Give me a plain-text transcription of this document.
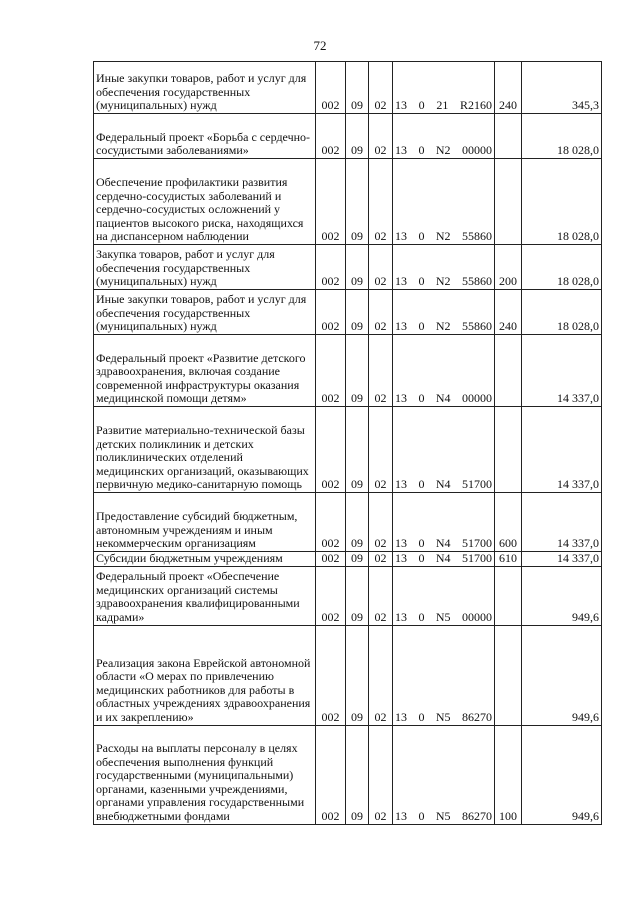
72
Иные закупки товаров, работ и услуг для обеспечения государственных (муниципальных) нужд	002	09	02	13 0 21 R2160	240	345,3

Федеральный проект «Борьба с сердечно-сосудистыми заболеваниями»	002	09	02	13 0 N2 00000		18 028,0

Обеспечение профилактики развития сердечно-сосудистых заболеваний и сердечно-сосудистых осложнений у пациентов высокого риска, находящихся на диспансерном наблюдении	002	09	02	13 0 N2 55860		18 028,0

Закупка товаров, работ и услуг для обеспечения государственных (муниципальных) нужд	002	09	02	13 0 N2 55860	200	18 028,0

Иные закупки товаров, работ и услуг для обеспечения государственных (муниципальных) нужд	002	09	02	13 0 N2 55860	240	18 028,0

Федеральный проект «Развитие детского здравоохранения, включая создание современной инфраструктуры оказания медицинской помощи детям»	002	09	02	13 0 N4 00000		14 337,0

Развитие материально-технической базы детских поликлиник и детских поликлинических отделений медицинских организаций, оказывающих первичную медико-санитарную помощь	002	09	02	13 0 N4 51700		14 337,0

Предоставление субсидий бюджетным, автономным учреждениям и иным некоммерческим организациям	002	09	02	13 0 N4 51700	600	14 337,0

Субсидии бюджетным учреждениям	002	09	02	13 0 N4 51700	610	14 337,0

Федеральный проект «Обеспечение медицинских организаций системы здравоохранения квалифицированными кадрами»	002	09	02	13 0 N5 00000		949,6

Реализация закона Еврейской автономной области «О мерах по привлечению медицинских работников для работы в областных учреждениях здравоохранения и их закреплению»	002	09	02	13 0 N5 86270		949,6

Расходы на выплаты персоналу в целях обеспечения выполнения функций государственными (муниципальными) органами, казенными учреждениями, органами управления государственными внебюджетными фондами	002	09	02	13 0 N5 86270	100	949,6
